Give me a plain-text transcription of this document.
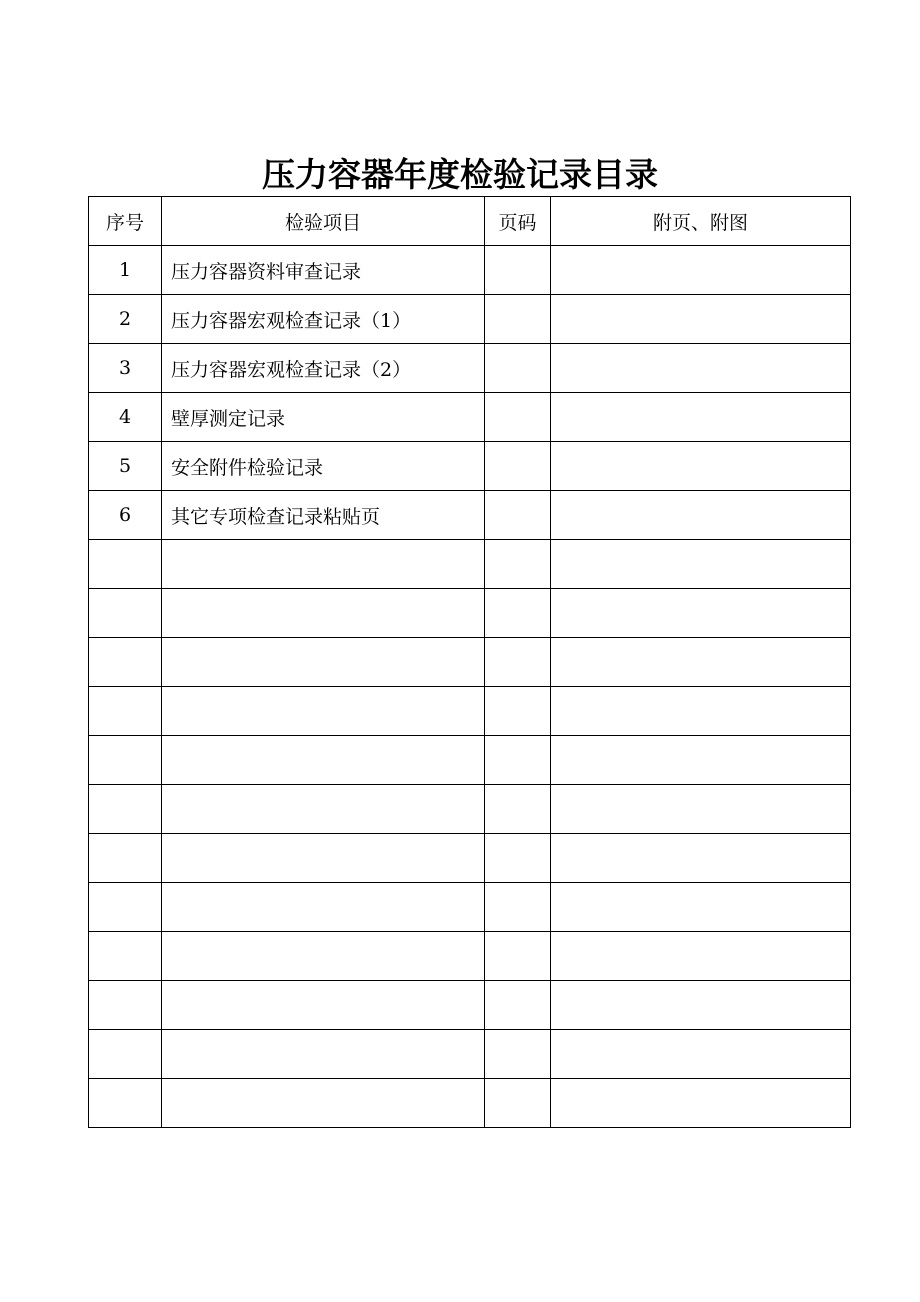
压力容器年度检验记录目录
序号	检验项目	页码	附页、附图
1	压力容器资料审查记录		
2	压力容器宏观检查记录（1）		
3	压力容器宏观检查记录（2）		
4	壁厚测定记录		
5	安全附件检验记录		
6	其它专项检查记录粘贴页		
